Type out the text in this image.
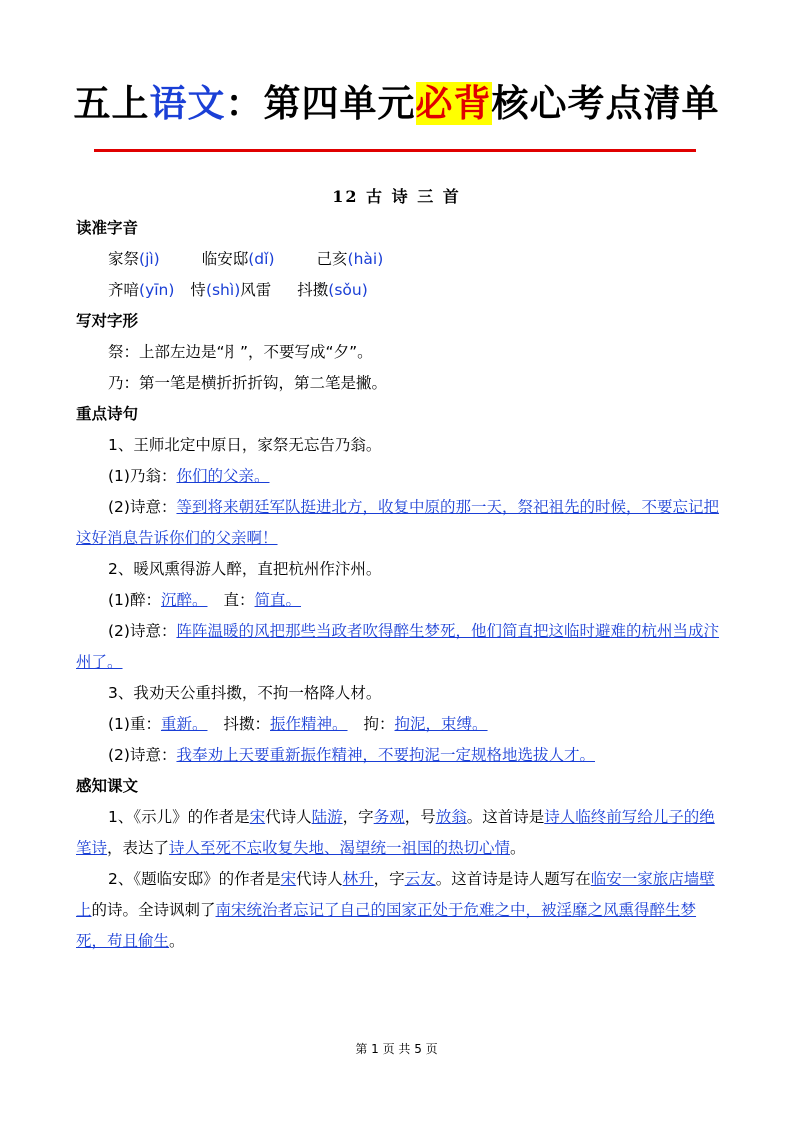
五上语文：第四单元必背核心考点清单
12 古 诗 三 首
读准字音
家祭(jì)	临安邸(dǐ)	己亥(hài)
齐喑(yīn) 恃(shì)风雷 抖擞(sǒu)
写对字形
祭：上部左边是“⺼”，不要写成“夕”。
乃：第一笔是横折折折钩，第二笔是撇。
重点诗句
1、王师北定中原日，家祭无忘告乃翁。
(1)乃翁：你们的父亲。
(2)诗意：等到将来朝廷军队挺进北方，收复中原的那一天，祭祀祖先的时候，不要忘记把这好消息告诉你们的父亲啊！
2、暖风熏得游人醉，直把杭州作汴州。
(1)醉：沉醉。 直：简直。
(2)诗意：阵阵温暖的风把那些当政者吹得醉生梦死，他们简直把这临时避难的杭州当成汴州了。
3、我劝天公重抖擞，不拘一格降人材。
(1)重：重新。 抖擞：振作精神。 拘：拘泥，束缚。
(2)诗意：我奉劝上天要重新振作精神，不要拘泥一定规格地选拔人才。
感知课文
1、《示儿》的作者是宋代诗人陆游，字务观，号放翁。这首诗是诗人临终前写给儿子的绝笔诗，表达了诗人至死不忘收复失地、渴望统一祖国的热切心情。
2、《题临安邸》的作者是宋代诗人林升，字云友。这首诗是诗人题写在临安一家旅店墙壁上的诗。全诗讽刺了南宋统治者忘记了自己的国家正处于危难之中，被淫靡之风熏得醉生梦死，苟且偷生。
第 1 页 共 5 页
